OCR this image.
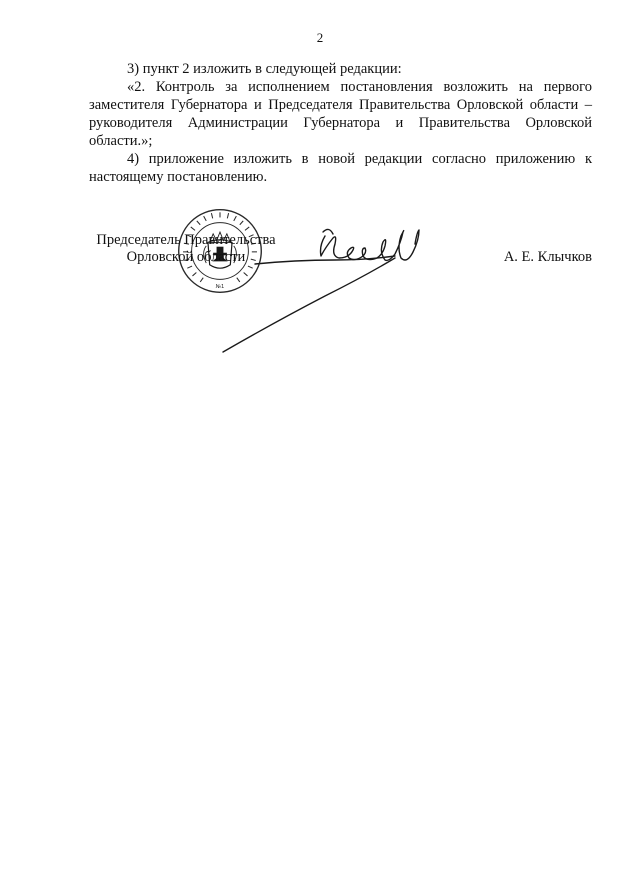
2

3) пункт 2 изложить в следующей редакции:

«2. Контроль за исполнением постановления возложить на первого заместителя Губернатора и Председателя Правительства Орловской области – руководителя Администрации Губернатора и Правительства Орловской области.»;

4) приложение изложить в новой редакции согласно приложению к настоящему постановлению.

№1
Председатель Правительства
Орловской области	А. Е. Клычков
